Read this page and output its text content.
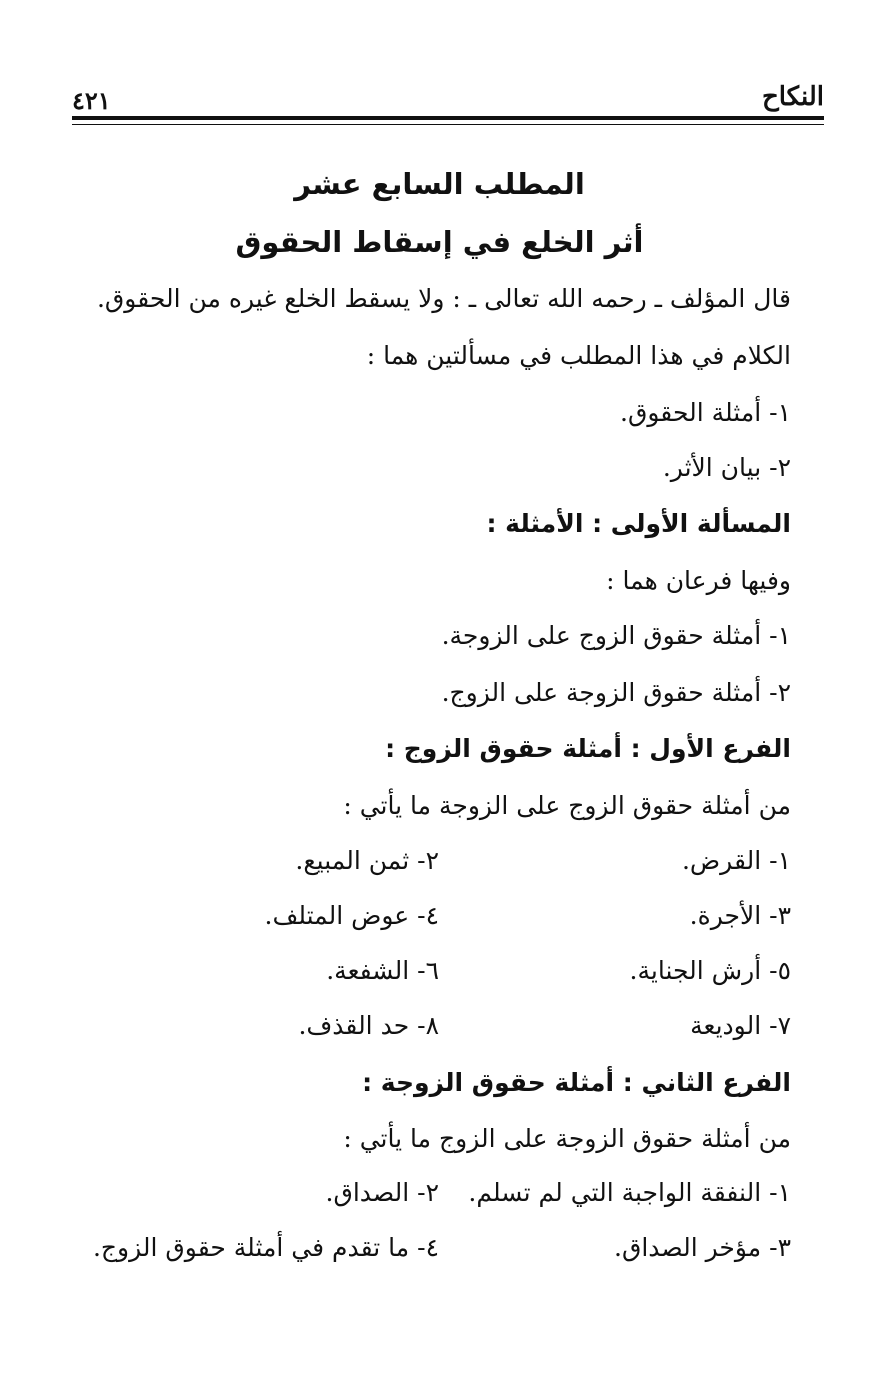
النكاح
٤٢١
المطلب السابع عشر
أثر الخلع في إسقاط الحقوق
قال المؤلف ـ رحمه الله تعالى ـ : ولا يسقط الخلع غيره من الحقوق.
الكلام في هذا المطلب في مسألتين هما :
١- أمثلة الحقوق.
٢- بيان الأثر.
المسألة الأولى : الأمثلة :
وفيها فرعان هما :
١- أمثلة حقوق الزوج على الزوجة.
٢- أمثلة حقوق الزوجة على الزوج.
الفرع الأول : أمثلة حقوق الزوج :
من أمثلة حقوق الزوج على الزوجة ما يأتي :
١- القرض.
٢- ثمن المبيع.
٣- الأجرة.
٤- عوض المتلف.
٥- أرش الجناية.
٦- الشفعة.
٧- الوديعة
٨- حد القذف.
الفرع الثاني : أمثلة حقوق الزوجة :
من أمثلة حقوق الزوجة على الزوج ما يأتي :
١- النفقة الواجبة التي لم تسلم.
٢- الصداق.
٣- مؤخر الصداق.
٤- ما تقدم في أمثلة حقوق الزوج.
